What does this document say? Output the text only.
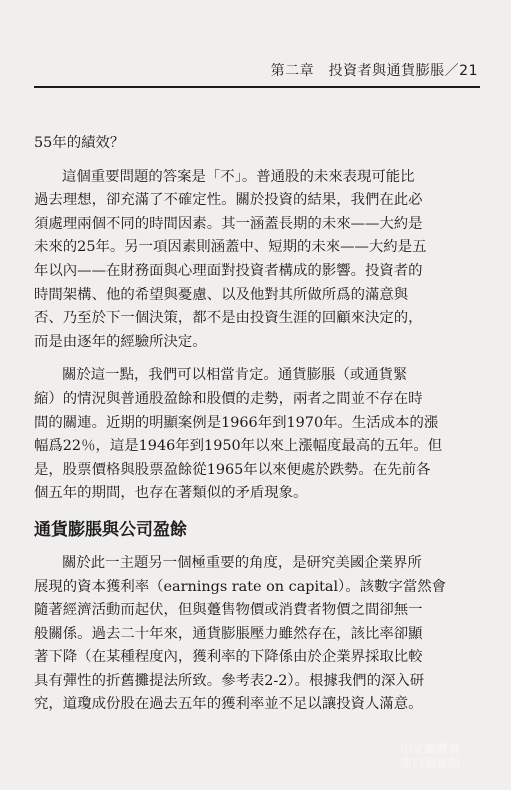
第二章　投資者與通貨膨脹／21
55年的績效？
這個重要問題的答案是「不」。普通股的未來表現可能比
過去理想，卻充滿了不確定性。關於投資的結果，我們在此必
須處理兩個不同的時間因素。其一涵蓋長期的未來——大約是
未來的25年。另一項因素則涵蓋中、短期的未來——大約是五
年以內——在財務面與心理面對投資者構成的影響。投資者的
時間架構、他的希望與憂慮、以及他對其所做所爲的滿意與
否、乃至於下一個決策，都不是由投資生涯的回顧來決定的，
而是由逐年的經驗所決定。
關於這一點，我們可以相當肯定。通貨膨脹（或通貨緊
縮）的情況與普通股盈餘和股價的走勢，兩者之間並不存在時
間的關連。近期的明顯案例是1966年到1970年。生活成本的漲
幅爲22％，這是1946年到1950年以來上漲幅度最高的五年。但
是，股票價格與股票盈餘從1965年以來便處於跌勢。在先前各
個五年的期間，也存在著類似的矛盾現象。
通貨膨脹與公司盈餘
關於此一主題另一個極重要的角度，是研究美國企業界所
展現的資本獲利率（earnings rate on capital）。該數字當然會
隨著經濟活動而起伏，但與躉售物價或消費者物價之間卻無一
般關係。過去二十年來，通貨膨脹壓力雖然存在，該比率卻顯
著下降（在某種程度內，獲利率的下降係由於企業界採取比較
具有彈性的折舊攤提法所致。參考表2-2）。根據我們的深入研
究，道瓊成份股在過去五年的獲利率並不足以讓投資人滿意。
中文繁體書
進口圖書館
